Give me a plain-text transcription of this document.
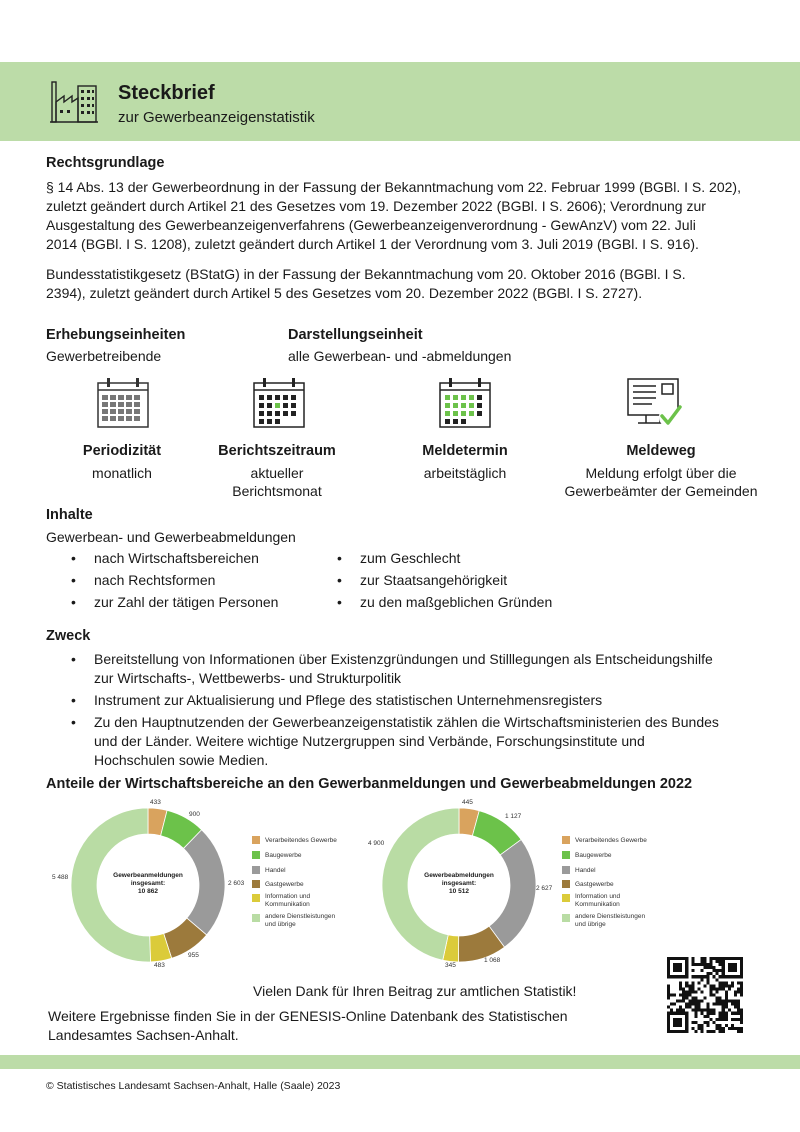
Steckbrief
zur Gewerbeanzeigenstatistik
Rechtsgrundlage
§ 14 Abs. 13 der Gewerbeordnung in der Fassung der Bekanntmachung vom 22. Februar 1999 (BGBl. I S. 202),
zuletzt geändert durch Artikel 21 des Gesetzes vom 19. Dezember 2022 (BGBl. I S. 2606); Verordnung zur
Ausgestaltung des Gewerbeanzeigenverfahrens (Gewerbeanzeigenverordnung - GewAnzV) vom 22. Juli
2014 (BGBl. I S. 1208), zuletzt geändert durch Artikel 1 der Verordnung vom 3. Juli 2019 (BGBl. I S. 916).
Bundesstatistikgesetz (BStatG) in der Fassung der Bekanntmachung vom 20. Oktober 2016 (BGBl. I S.
2394), zuletzt geändert durch Artikel 5 des Gesetzes vom 20. Dezember 2022 (BGBl. I S. 2727).
Erhebungseinheiten
Gewerbetreibende
Darstellungseinheit
alle Gewerbean- und -abmeldungen
Periodizität
monatlich
Berichtszeitraum
aktueller
Berichtsmonat
Meldetermin
arbeitstäglich
Meldeweg
Meldung erfolgt über die
Gewerbeämter der Gemeinden
Inhalte
Gewerbean- und Gewerbeabmeldungen
• nach Wirtschaftsbereichen
• nach Rechtsformen
• zur Zahl der tätigen Personen
• zum Geschlecht
• zur Staatsangehörigkeit
• zu den maßgeblichen Gründen
Zweck
• Bereitstellung von Informationen über Existenzgründungen und Stilllegungen als Entscheidungshilfe
zur Wirtschafts-, Wettbewerbs- und Strukturpolitik
• Instrument zur Aktualisierung und Pflege des statistischen Unternehmensregisters
• Zu den Hauptnutzenden der Gewerbeanzeigenstatistik zählen die Wirtschaftsministerien des Bundes
und der Länder. Weitere wichtige Nutzergruppen sind Verbände, Forschungsinstitute und
Hochschulen sowie Medien.
Anteile der Wirtschaftsbereiche an den Gewerbanmeldungen und Gewerbeabmeldungen 2022
Gewerbeanmeldungen insgesamt:
10 862
Gewerbeabmeldungen insgesamt:
10 512
433
900
2 603
955
483
5 488
445
1 127
2 627
1 068
345
4 900
Verarbeitendes Gewerbe
Baugewerbe
Handel
Gastgewerbe
Information und
Kommunikation
andere Dienstleistungen
und übrige
Verarbeitendes Gewerbe
Baugewerbe
Handel
Gastgewerbe
Information und
Kommunikation
andere Dienstleistungen
und übrige
Vielen Dank für Ihren Beitrag zur amtlichen Statistik!
Weitere Ergebnisse finden Sie in der GENESIS-Online Datenbank des Statistischen
Landesamtes Sachsen-Anhalt.
© Statistisches Landesamt Sachsen-Anhalt, Halle (Saale) 2023
